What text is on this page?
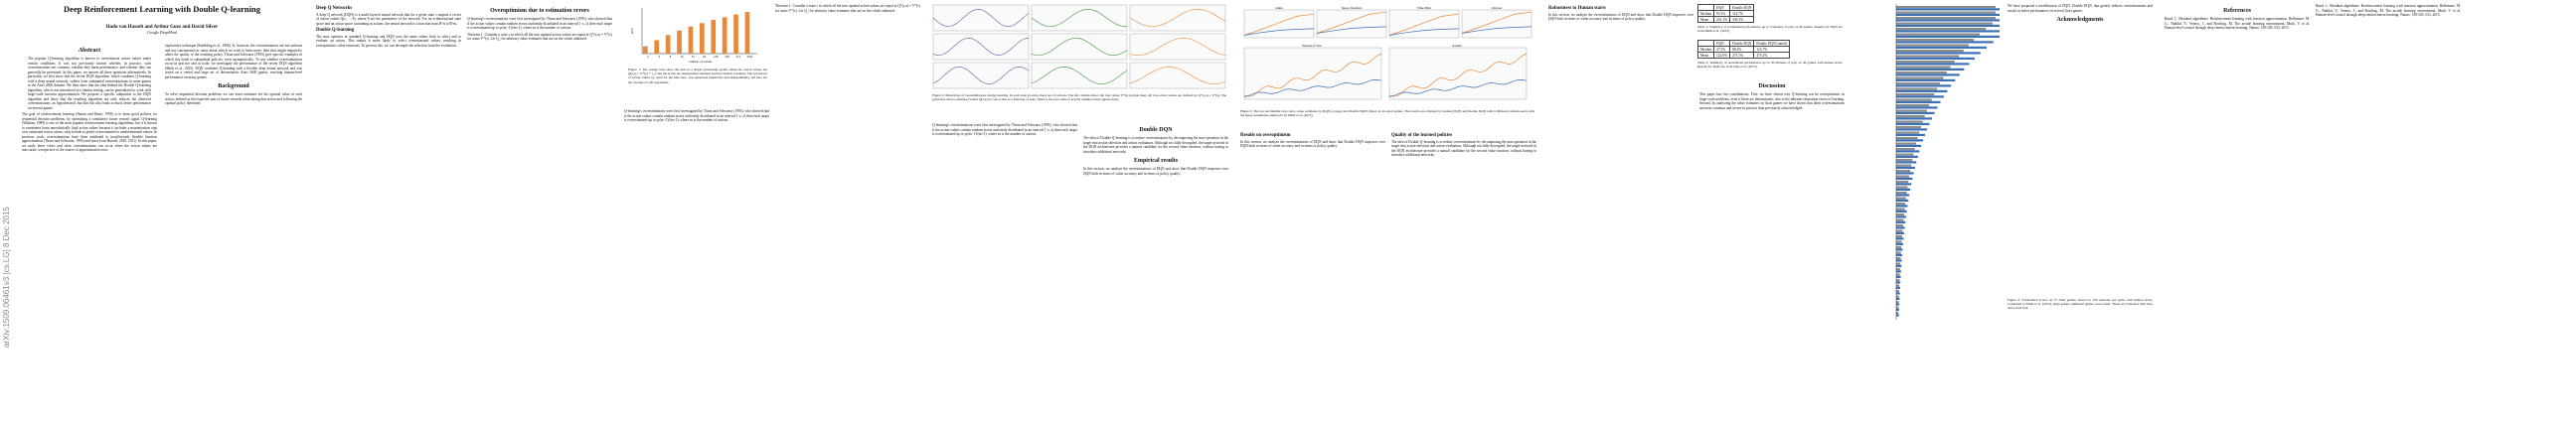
arXiv:1509.06461v3 [cs.LG] 8 Dec 2015
Deep Reinforcement Learning with Double Q-learning
Hado van Hasselt and Arthur Guez and David Silver
Google DeepMind
Abstract

The popular Q-learning algorithm is known to overestimate action values under certain conditions. It was not previously known whether, in practice, such overestimations are common, whether they harm performance, and whether they can generally be prevented. In this paper, we answer all these questions affirmatively. In particular, we first show that the recent DQN algorithm, which combines Q-learning with a deep neural network, suffers from substantial overestimations in some games in the Atari 2600 domain. We then show that the idea behind the Double Q-learning algorithm, which was introduced in a tabular setting, can be generalized to work with large-scale function approximation. We propose a specific adaptation to the DQN algorithm and show that the resulting algorithm not only reduces the observed overestimations, as hypothesized, but that this also leads to much better performance on several games.

The goal of reinforcement learning (Sutton and Barto, 1998) is to learn good policies for sequential decision problems, by optimizing a cumulative future reward signal. Q-learning (Watkins, 1989) is one of the most popular reinforcement learning algorithms, but it is known to sometimes learn unrealistically high action values because it includes a maximization step over estimated action values, which tends to prefer overestimated to underestimated values. In previous work, overestimations have been attributed to insufficiently flexible function approximation (Thrun and Schwartz, 1993) and noise (van Hasselt, 2010, 2011). In this paper, we unify these views and show overestimations can occur when the action values are inaccurate, irrespective of the source of approximation error.

explorative technique (Kaelbling et al., 1996). If, however, the overestimations are not uniform and not concentrated at states about which we wish to learn more, then they might negatively affect the quality of the resulting policy. Thrun and Schwartz (1993) give specific examples in which this leads to suboptimal policies, even asymptotically. To test whether overestimations occur in practice and at scale, we investigate the performance of the recent DQN algorithm (Mnih et al., 2015). DQN combines Q-learning with a flexible deep neural network and was tested on a varied and large set of deterministic Atari 2600 games, reaching human-level performance on many games.

Background

To solve sequential decision problems we can learn estimates for the optimal value of each action, defined as the expected sum of future rewards when taking that action and following the optimal policy thereafter.

Deep Q Networks

A deep Q network (DQN) is a multi-layered neural network that for a given state s outputs a vector of action values Q(s, · ; θ), where θ are the parameters of the network. For an n-dimensional state space and an action space containing m actions, the neural network is a function from R^n to R^m.

Double Q-learning

The max operator in standard Q-learning and DQN uses the same values both to select and to evaluate an action. This makes it more likely to select overestimated values, resulting in overoptimistic value estimates. To prevent this, we can decouple the selection from the evaluation.

Overoptimism due to estimation errors

Q-learning's overestimations were first investigated by Thrun and Schwartz (1993), who showed that if the action values contain random errors uniformly distributed in an interval [−ε, ε] then each target is overestimated up to γε(m−1)/(m+1), where m is the number of actions.

Theorem 1. Consider a state s in which all the true optimal action values are equal at Q*(s,a) = V*(s) for some V*(s). Let Q_t be arbitrary value estimates that are on the whole unbiased.

2	4	8	16	32	64	128 256 512 1024
number of actions
error
Figure 1: The orange bars show the bias in a single Q-learning update when the action values are Q(s,a) = V*(s) + ε_a and the errors are independent standard normal random variables. The second set of action values Q', used for the blue bars, was generated identically and independently. All bars are the average of 100 repetitions.

Q-learning's overestimations were first investigated by Thrun and Schwartz (1993), who showed that if the action values contain random errors uniformly distributed in an interval [−ε, ε] then each target is overestimated up to γε(m−1)/(m+1), where m is the number of actions.

Theorem 1. Consider a state s in which all the true optimal action values are equal at Q*(s,a) = V*(s) for some V*(s). Let Q_t be arbitrary value estimates that are on the whole unbiased.

Figure 2: Illustration of overestimations during learning. In each state (x-axis), there are 10 actions. The left column shows the true values V*(s) (purple line). All true action values are defined by Q*(s,a) = V*(s). The green line shows estimated values Q(s,a) for one action as a function of state, fitted to the true value at several sampled states (green dots).

Q-learning's overestimations were first investigated by Thrun and Schwartz (1993), who showed that if the action values contain random errors uniformly distributed in an interval [−ε, ε] then each target is overestimated up to γε(m−1)/(m+1), where m is the number of actions.

Double DQN

The idea of Double Q-learning is to reduce overestimations by decomposing the max operation in the target into action selection and action evaluation. Although not fully decoupled, the target network in the DQN architecture provides a natural candidate for the second value function, without having to introduce additional networks.

Empirical results

In this section, we analyze the overestimations of DQN and show that Double DQN improves over DQN both in terms of value accuracy and in terms of policy quality.

Alien	Space Invaders	Time Pilot	Zaxxon
Wizard of Wor	Asterix
Figure 3: The top and middle rows show value estimates by DQN (orange) and Double DQN (blue) on six Atari games. The results are obtained by running DQN and Double DQN with 6 different random seeds with the hyper-parameters employed by Mnih et al. (2015).
Results on overoptimism

In this section, we analyze the overestimations of DQN and show that Double DQN improves over DQN both in terms of value accuracy and in terms of policy quality.

Quality of the learned policies

The idea of Double Q-learning is to reduce overestimations by decomposing the max operation in the target into action selection and action evaluation. Although not fully decoupled, the target network in the DQN architecture provides a natural candidate for the second value function, without having to introduce additional networks.

	DQN	Double DQN
Median	93.5%	114.7%
Mean	241.1%	330.3%
Table 1: Summary of normalized performance up to 5 minutes of play on 49 games. Results for DQN are from Mnih et al. (2015)
	DQN	Double DQN	Double DQN (tuned)
Median	47.5%	88.4%	116.7%
Mean	122.0%	273.1%	475.2%
Table 2: Summary of normalized performance up to 30 minutes of play on 49 games with human starts. Results for DQN are from Nair et al. (2015).
Robustness to Human starts

In this section, we analyze the overestimations of DQN and show that Double DQN improves over DQN both in terms of value accuracy and in terms of policy quality.

Discussion

This paper has five contributions. First, we have shown why Q-learning can be overoptimistic in large-scale problems, even if these are deterministic, due to the inherent estimation errors of learning. Second, by analyzing the value estimates on Atari games we have shown that these overestimations are more common and severe in practice than previously acknowledged.

Figure 4: Normalized scores on 57 Atari games, tested for 100 episodes per game with human starts. Compared to Mnih et al. (2015), eight games additional games were tested. These are indicated with stars and a bold font.

We have proposed a modification of DQN, Double DQN, that greatly reduces overestimations and results in better performance on several Atari games.

Acknowledgments
References

Baird, L. Residual algorithms: Reinforcement learning with function approximation. Bellemare, M. G.; Naddaf, Y.; Veness, J.; and Bowling, M. The arcade learning environment. Mnih, V. et al. Human-level control through deep reinforcement learning. Nature, 518:529–533, 2015.

Baird, L. Residual algorithms: Reinforcement learning with function approximation. Bellemare, M. G.; Naddaf, Y.; Veness, J.; and Bowling, M. The arcade learning environment. Mnih, V. et al. Human-level control through deep reinforcement learning. Nature, 518:529–533, 2015.
